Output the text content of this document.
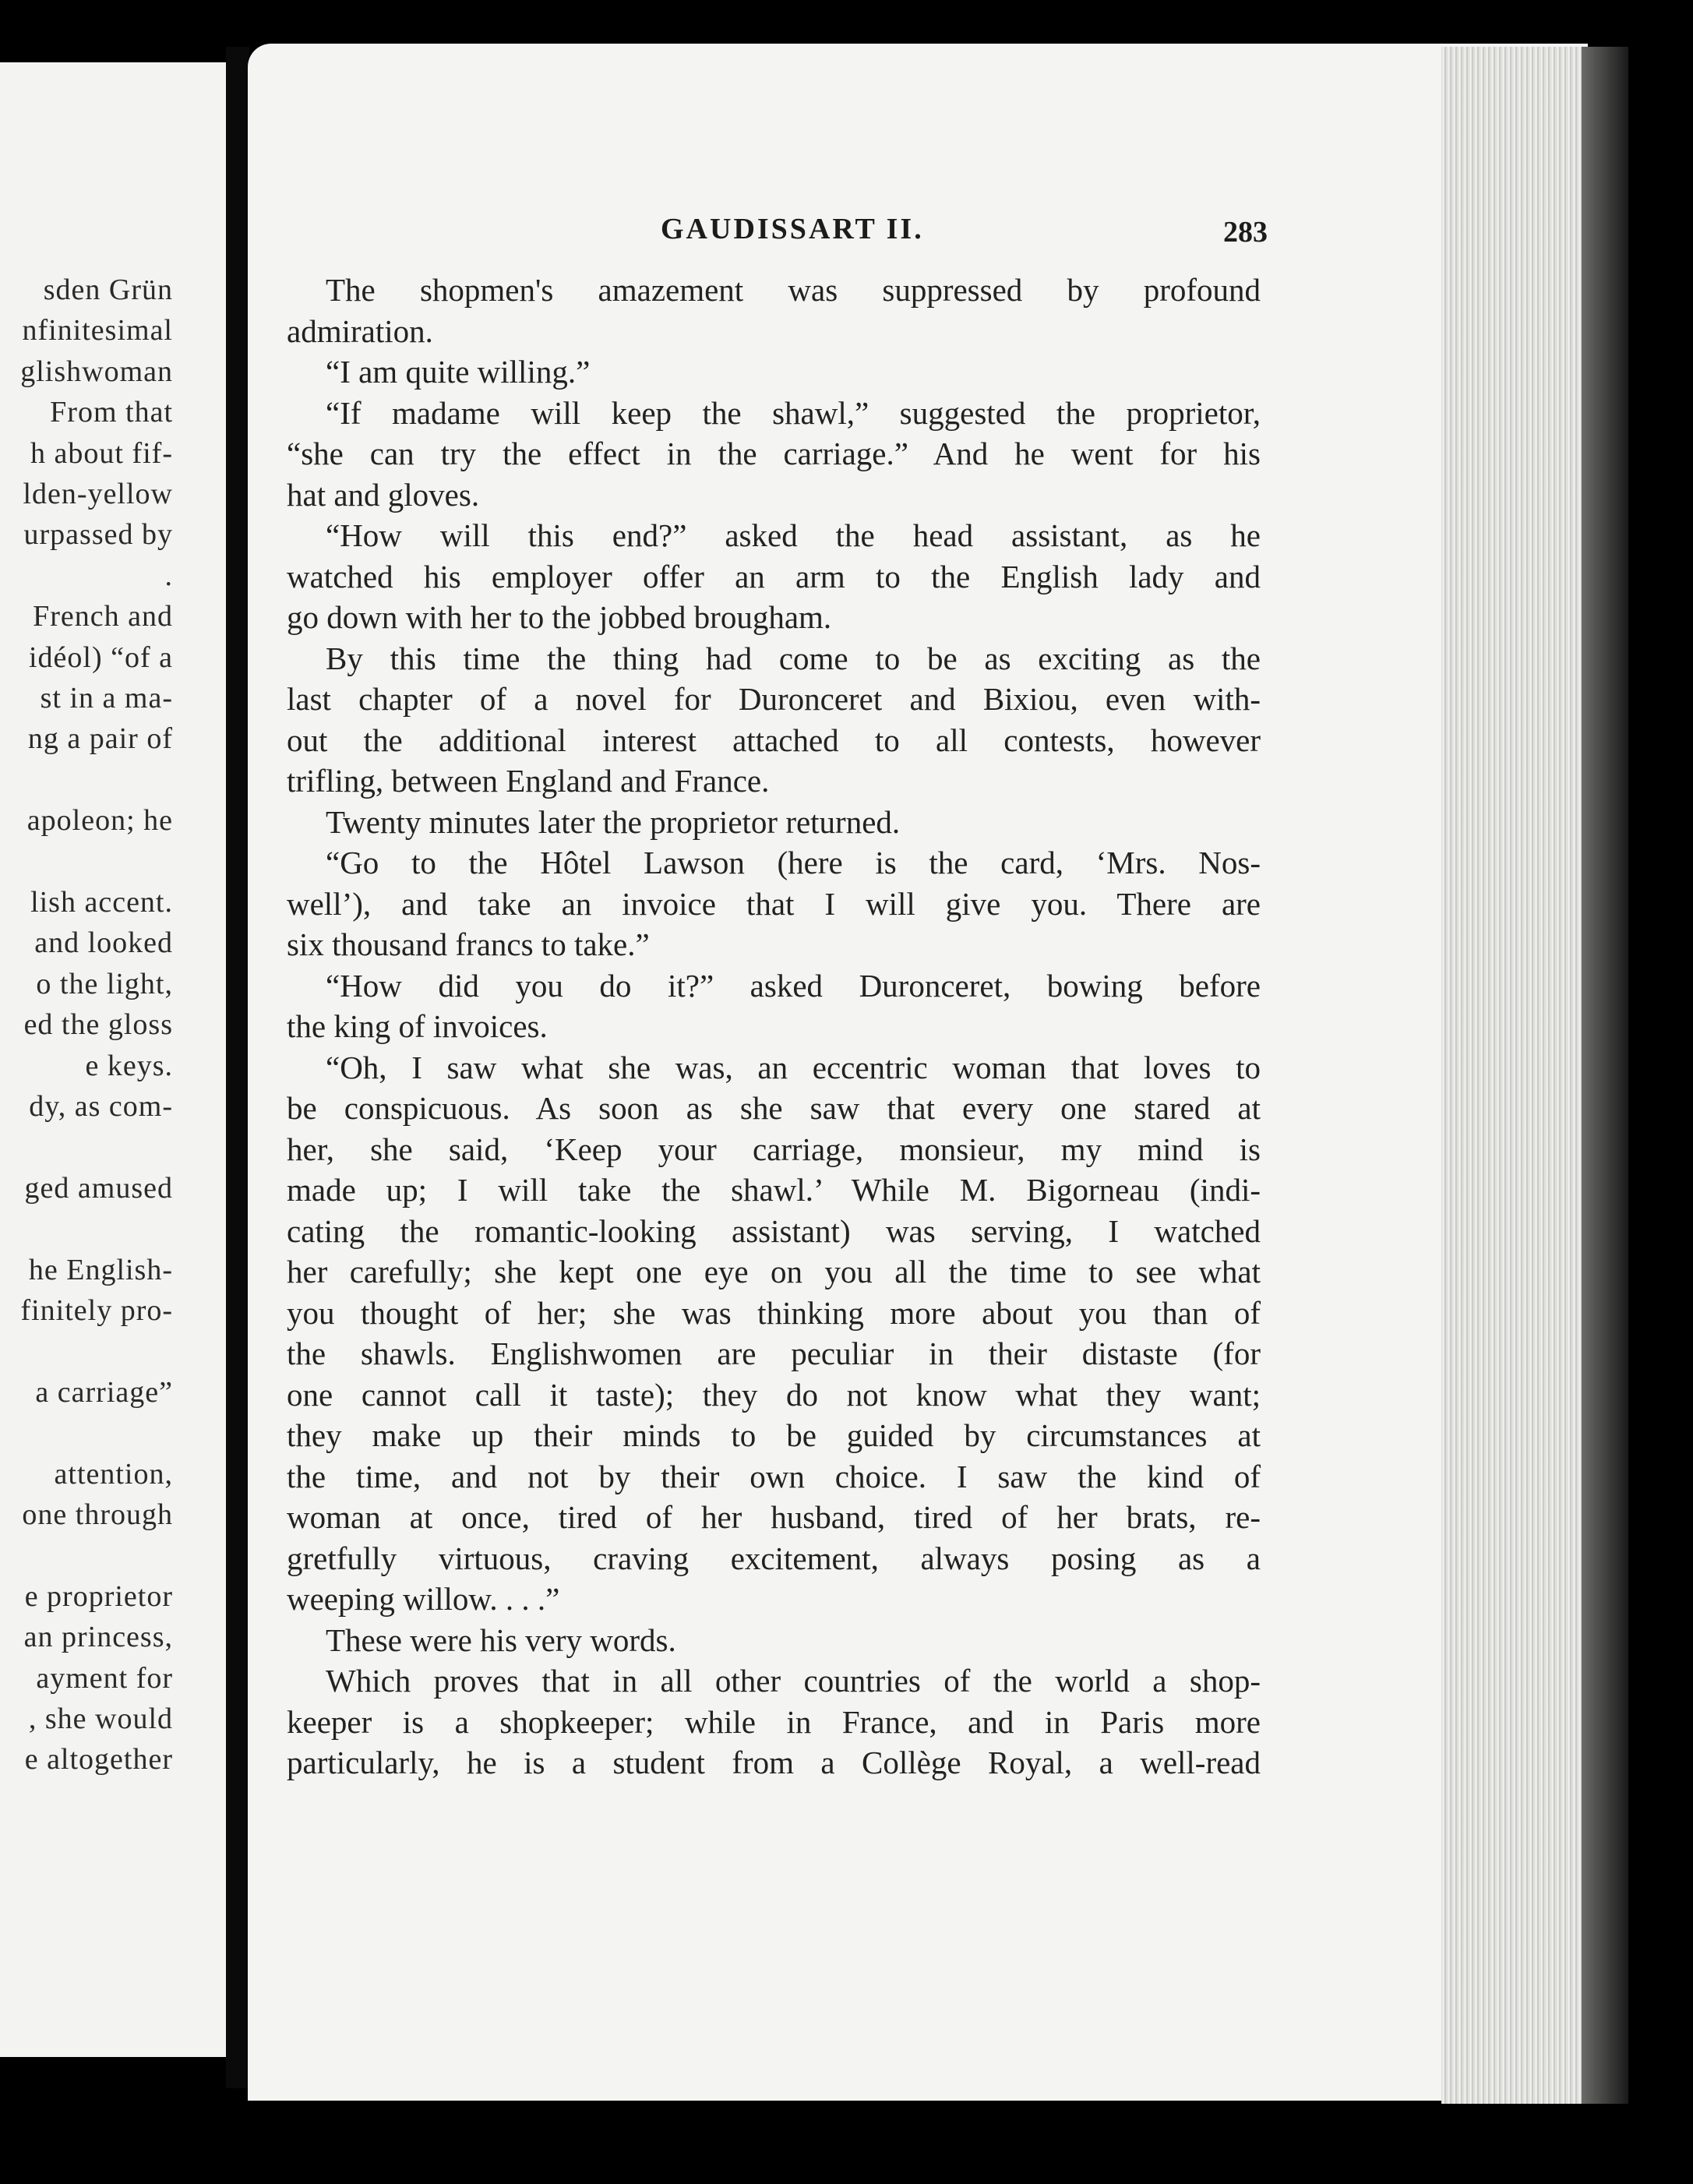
sden Grün
nfinitesimal
glishwoman
From that
h about fif-
lden-yellow
urpassed by
.
French and
idéol) “of a
st in a ma-
ng a pair of
apoleon; he
lish accent.
and looked
o the light,
ed the gloss
e keys.
dy, as com-
ged amused
he English-
finitely pro-
a carriage”
attention,
one through
e proprietor
an princess,
ayment for
, she would
e altogether
GAUDISSART II.	283
The shopmen's amazement was suppressed by profound
admiration.
“I am quite willing.”
“If madame will keep the shawl,” suggested the proprietor,
“she can try the effect in the carriage.” And he went for his
hat and gloves.
“How will this end?” asked the head assistant, as he
watched his employer offer an arm to the English lady and
go down with her to the jobbed brougham.
By this time the thing had come to be as exciting as the
last chapter of a novel for Duronceret and Bixiou, even with-
out the additional interest attached to all contests, however
trifling, between England and France.
Twenty minutes later the proprietor returned.
“Go to the Hôtel Lawson (here is the card, ‘Mrs. Nos-
well’), and take an invoice that I will give you. There are
six thousand francs to take.”
“How did you do it?” asked Duronceret, bowing before
the king of invoices.
“Oh, I saw what she was, an eccentric woman that loves to
be conspicuous. As soon as she saw that every one stared at
her, she said, ‘Keep your carriage, monsieur, my mind is
made up; I will take the shawl.’ While M. Bigorneau (indi-
cating the romantic-looking assistant) was serving, I watched
her carefully; she kept one eye on you all the time to see what
you thought of her; she was thinking more about you than of
the shawls. Englishwomen are peculiar in their distaste (for
one cannot call it taste); they do not know what they want;
they make up their minds to be guided by circumstances at
the time, and not by their own choice. I saw the kind of
woman at once, tired of her husband, tired of her brats, re-
gretfully virtuous, craving excitement, always posing as a
weeping willow. . . .”
These were his very words.
Which proves that in all other countries of the world a shop-
keeper is a shopkeeper; while in France, and in Paris more
particularly, he is a student from a Collège Royal, a well-read
